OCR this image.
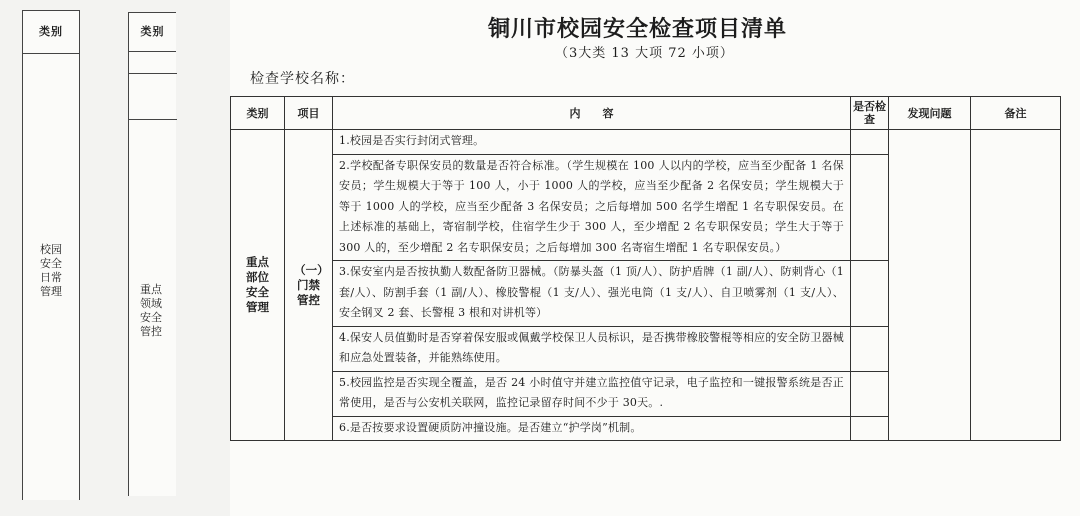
类别
校园安全日常管理
类别
重点领域安全管控
铜川市校园安全检查项目清单
（3大类 13 大项 72 小项）
检查学校名称：
类别	项目	内　　容	是否检查	发现问题	备注

重点部位安全管理	（一）门禁管控	1.校园是否实行封闭式管理。			
		2.学校配备专职保安员的数量是否符合标准。（学生规模在 100 人以内的学校，应当至少配备 1 名保安员；学生规模大于等于 100 人，小于 1000 人的学校，应当至少配备 2 名保安员；学生规模大于等于 1000 人的学校，应当至少配备 3 名保安员；之后每增加 500 名学生增配 1 名专职保安员。在上述标准的基础上，寄宿制学校，住宿学生少于 300 人，至少增配 2 名专职保安员；学生大于等于 300 人的，至少增配 2 名专职保安员；之后每增加 300 名寄宿生增配 1 名专职保安员。）			
		3.保安室内是否按执勤人数配备防卫器械。（防暴头盔（1 顶/人）、防护盾牌（1 副/人）、防刺背心（1 套/人）、防割手套（1 副/人）、橡胶警棍（1 支/人）、强光电筒（1 支/人）、自卫喷雾剂（1 支/人）、安全钢叉 2 套、长警棍 3 根和对讲机等）			
		4.保安人员值勤时是否穿着保安服或佩戴学校保卫人员标识，是否携带橡胶警棍等相应的安全防卫器械和应急处置装备，并能熟练使用。			
		5.校园监控是否实现全覆盖，是否 24 小时值守并建立监控值守记录，电子监控和一键报警系统是否正常使用，是否与公安机关联网，监控记录留存时间不少于 30天。.			
		6.是否按要求设置硬质防冲撞设施。是否建立“护学岗”机制。			
